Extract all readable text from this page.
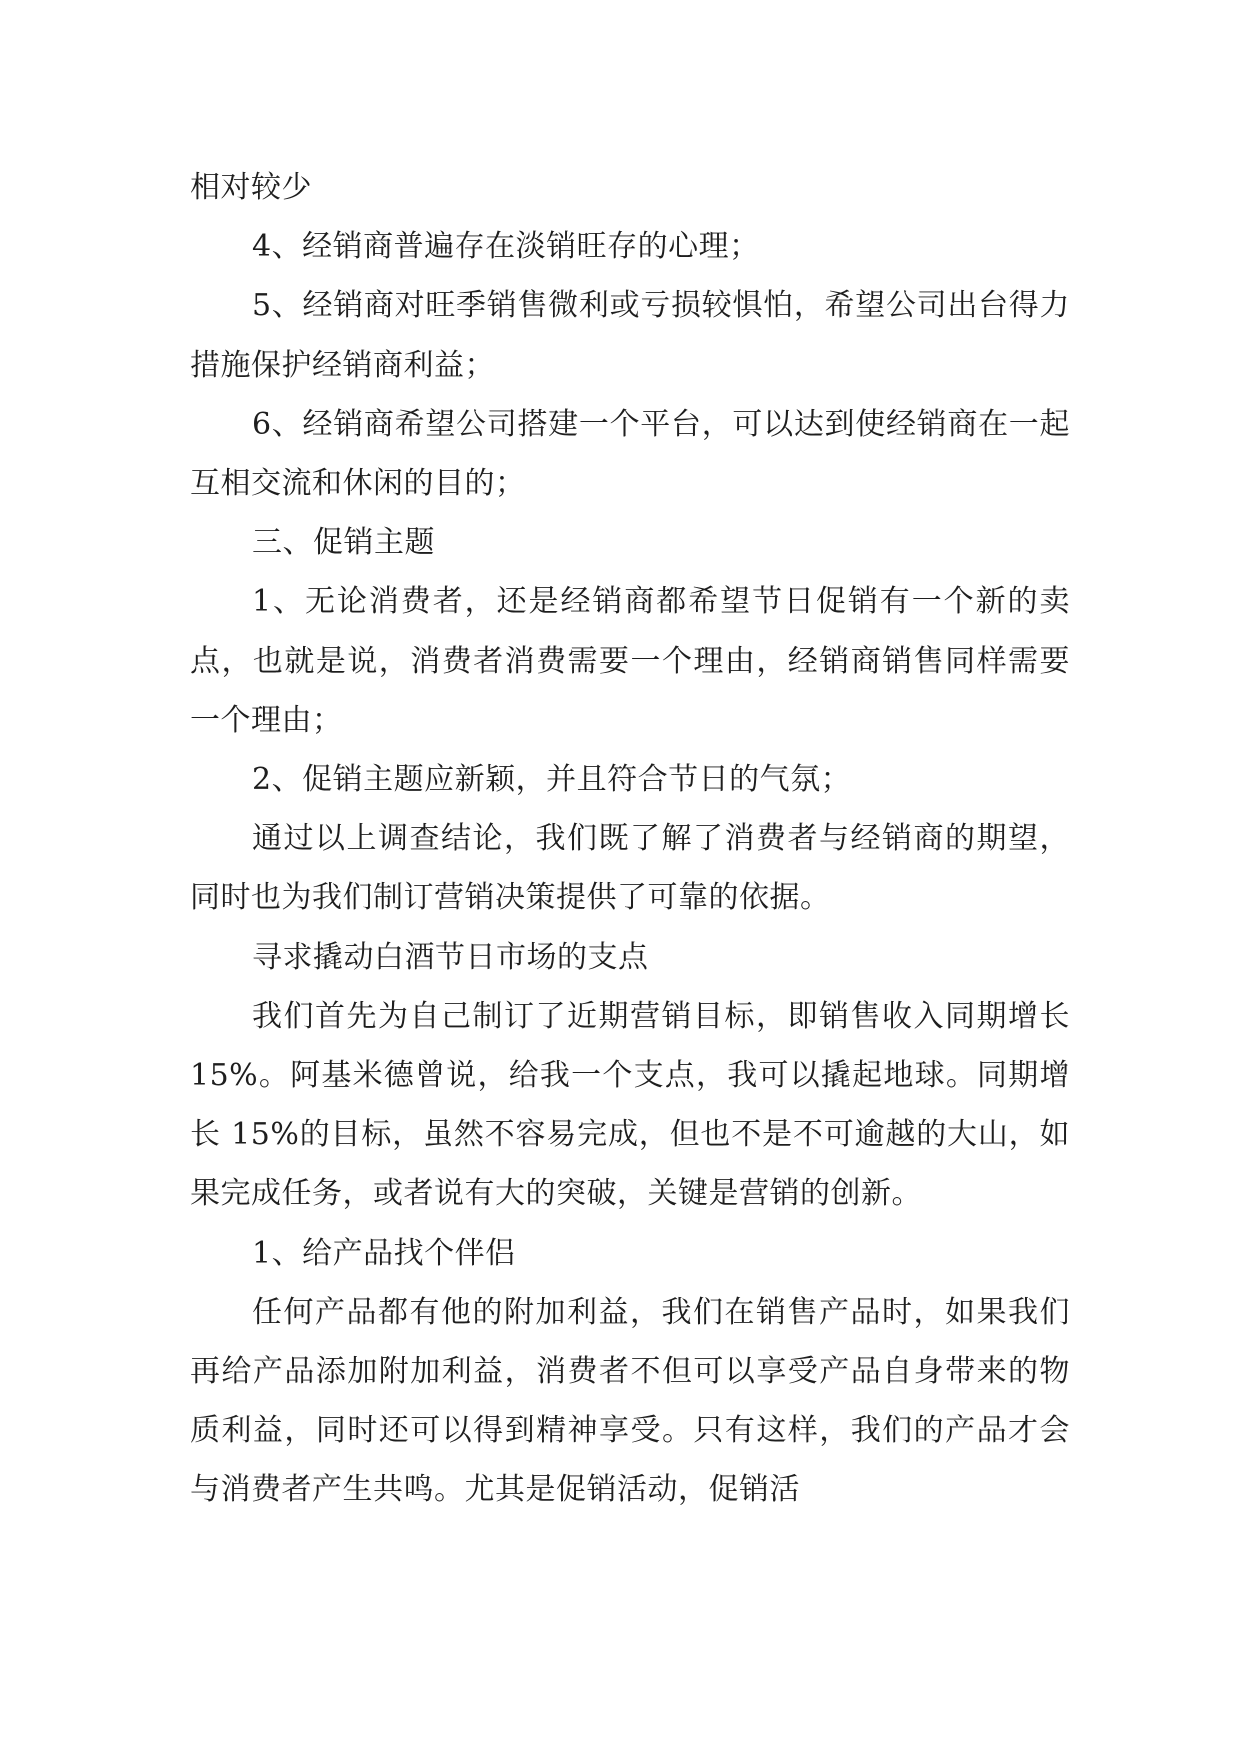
相对较少

4、经销商普遍存在淡销旺存的心理；

5、经销商对旺季销售微利或亏损较惧怕，希望公司出台得力措施保护经销商利益；

6、经销商希望公司搭建一个平台，可以达到使经销商在一起互相交流和休闲的目的；

三、促销主题

1、无论消费者，还是经销商都希望节日促销有一个新的卖点，也就是说，消费者消费需要一个理由，经销商销售同样需要一个理由；

2、促销主题应新颖，并且符合节日的气氛；

通过以上调查结论，我们既了解了消费者与经销商的期望，同时也为我们制订营销决策提供了可靠的依据。

寻求撬动白酒节日市场的支点

我们首先为自己制订了近期营销目标，即销售收入同期增长 15%。阿基米德曾说，给我一个支点，我可以撬起地球。同期增长 15%的目标，虽然不容易完成，但也不是不可逾越的大山，如果完成任务，或者说有大的突破，关键是营销的创新。

1、给产品找个伴侣

任何产品都有他的附加利益，我们在销售产品时，如果我们再给产品添加附加利益，消费者不但可以享受产品自身带来的物质利益，同时还可以得到精神享受。只有这样，我们的产品才会与消费者产生共鸣。尤其是促销活动，促销活
